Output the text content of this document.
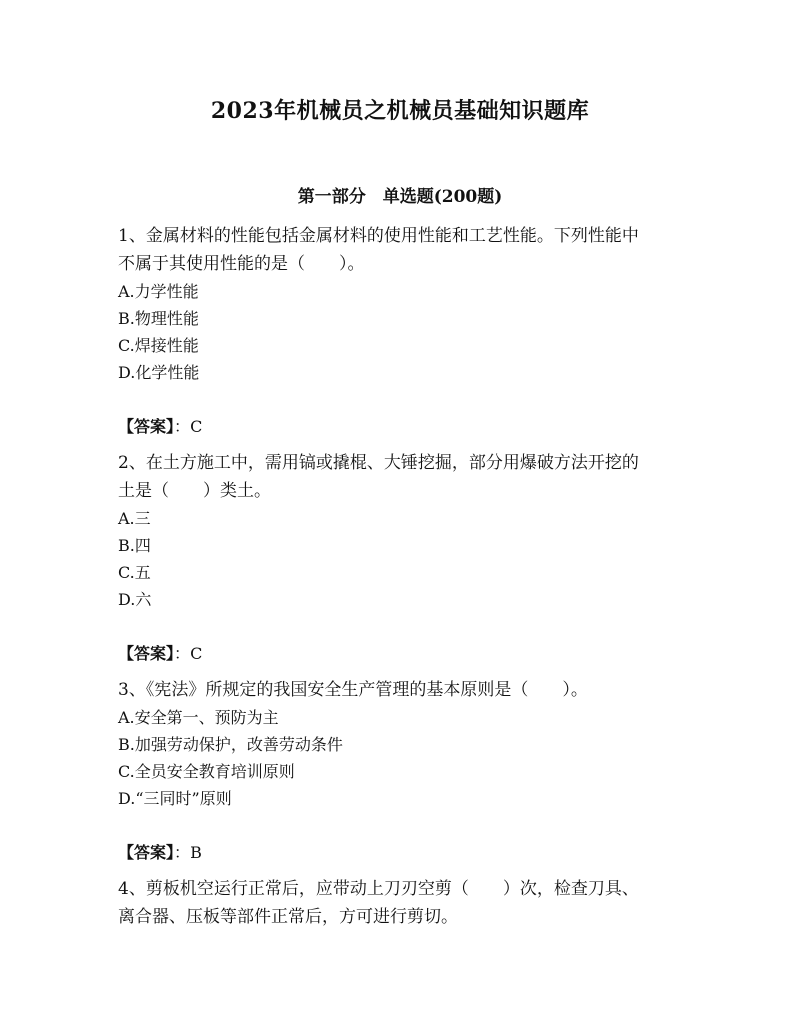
2023年机械员之机械员基础知识题库
第一部分　单选题(200题)

1、金属材料的性能包括金属材料的使用性能和工艺性能。下列性能中

不属于其使用性能的是（　　）。

A.力学性能

B.物理性能

C.焊接性能

D.化学性能

【答案】：C

2、在土方施工中，需用镐或撬棍、大锤挖掘，部分用爆破方法开挖的

土是（　　）类土。

A.三

B.四

C.五

D.六

【答案】：C

3、《宪法》所规定的我国安全生产管理的基本原则是（　　）。

A.安全第一、预防为主

B.加强劳动保护，改善劳动条件

C.全员安全教育培训原则

D.“三同时”原则

【答案】：B

4、剪板机空运行正常后，应带动上刀刃空剪（　　）次，检查刀具、

离合器、压板等部件正常后，方可进行剪切。
